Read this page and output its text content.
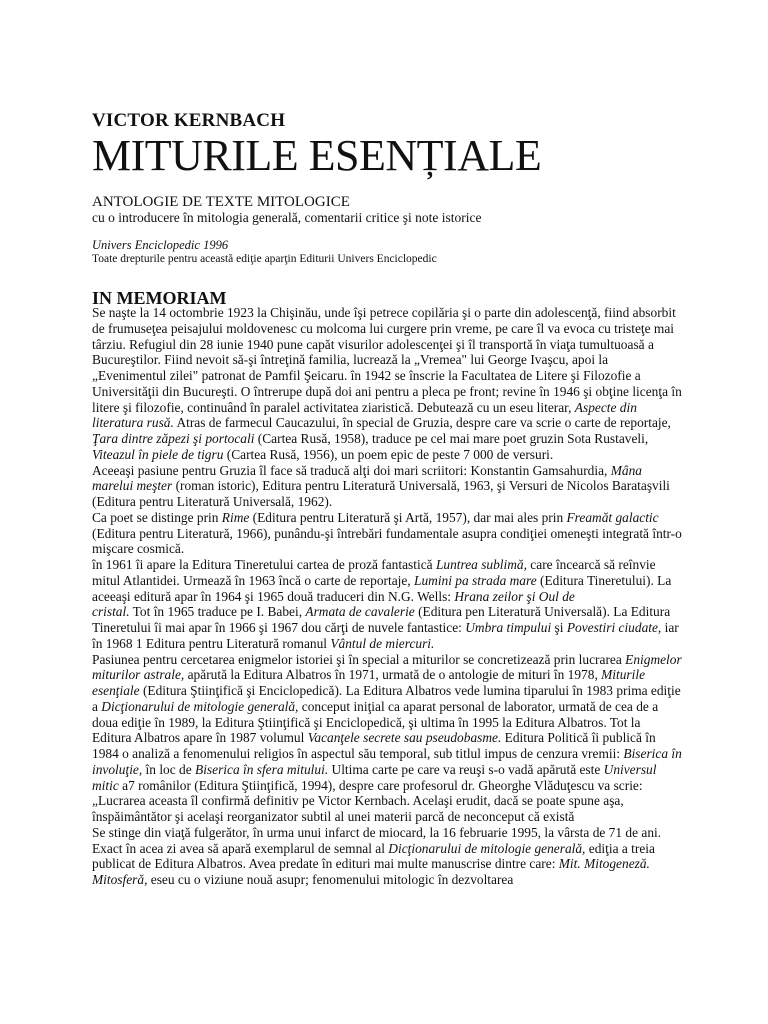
VICTOR KERNBACH
MITURILE ESENȚIALE
ANTOLOGIE DE TEXTE MITOLOGICE
cu o introducere în mitologia generală, comentarii critice şi note istorice
Univers Enciclopedic 1996
Toate drepturile pentru această ediţie aparţin Editurii Univers Enciclopedic
IN MEMORIAM

Se naşte la 14 octombrie 1923 la Chişinău, unde îşi petrece copilăria şi o parte din adolescenţă, fiind absorbit de frumuseţea peisajului moldovenesc cu molcoma lui curgere prin vreme, pe care îl va evoca cu tristeţe mai târziu. Refugiul din 28 iunie 1940 pune capăt visurilor adolescenţei şi îl transportă în viaţa tumultuoasă a Bucureştilor. Fiind nevoit să-şi întreţină familia, lucrează la „Vremea" lui George Ivaşcu, apoi la „Evenimentul zilei" patronat de Pamfil Şeicaru. în 1942 se înscrie la Facultatea de Litere şi Filozofie a Universităţii din Bucureşti. O întrerupe după doi ani pentru a pleca pe front; revine în 1946 şi obţine licenţa în litere şi filozofie, continuând în paralel activitatea ziaristică. Debutează cu un eseu literar, Aspecte din literatura rusă. Atras de farmecul Caucazului, în special de Gruzia, despre care va scrie o carte de reportaje, Ţara dintre zăpezi şi portocali (Cartea Rusă, 1958), traduce pe cel mai mare poet gruzin Sota Rustaveli, Viteazul în piele de tigru (Cartea Rusă, 1956), un poem epic de peste 7 000 de versuri.

Aceeaşi pasiune pentru Gruzia îl face să traducă alţi doi mari scriitori: Konstantin Gamsahurdia, Mâna marelui meşter (roman istoric), Editura pentru Literatură Universală, 1963, şi Versuri de Nicolos Barataşvili (Editura pentru Literatură Universală, 1962).

Ca poet se distinge prin Rime (Editura pentru Literatură şi Artă, 1957), dar mai ales prin Freamăt galactic (Editura pentru Literatură, 1966), punându-şi întrebări fundamentale asupra condiţiei omeneşti integrată într-o mişcare cosmică.

în 1961 îi apare la Editura Tineretului cartea de proză fantastică Luntrea sublimă, care încearcă să reînvie mitul Atlantidei. Urmează în 1963 încă o carte de reportaje, Lumini pa strada mare (Editura Tineretului). La aceeaşi editură apar în 1964 şi 1965 două traduceri din N.G. Wells: Hrana zeilor şi Oul de

cristal. Tot în 1965 traduce pe I. Babei, Armata de cavalerie (Editura pen Literatură Universală). La Editura Tineretului îi mai apar în 1966 şi 1967 dou cărţi de nuvele fantastice: Umbra timpului şi Povestiri ciudate, iar în 1968 1 Editura pentru Literatură romanul Vântul de miercuri.

Pasiunea pentru cercetarea enigmelor istoriei şi în special a miturilor se concretizează prin lucrarea Enigmelor miturilor astrale, apărută la Editura Albatros în 1971, urmată de o antologie de mituri în 1978, Miturile esenţiale (Editura Ştiinţifică şi Enciclopedică). La Editura Albatros vede lumina tiparului în 1983 prima ediţie a Dicţionarului de mitologie generală, conceput iniţial ca aparat personal de laborator, urmată de cea de a doua ediţie în 1989, la Editura Ştiinţifică şi Enciclopedică, şi ultima în 1995 la Editura Albatros. Tot la Editura Albatros apare în 1987 volumul Vacanţele secrete sau pseudobasme. Editura Politică îi publică în 1984 o analiză a fenomenului religios în aspectul său temporal, sub titlul impus de cenzura vremii: Biserica în involuţie, în loc de Biserica în sfera mitului. Ultima carte pe care va reuşi s-o vadă apărută este Universul mitic a7 românilor (Editura Ştiinţifică, 1994), despre care profesorul dr. Gheorghe Vlăduţescu va scrie: „Lucrarea aceasta îl confirmă definitiv pe Victor Kernbach. Acelaşi erudit, dacă se poate spune aşa, înspăimântător şi acelaşi reorganizator subtil al unei materii parcă de neconceput că există

Se stinge din viaţă fulgerător, în urma unui infarct de miocard, la 16 februarie 1995, la vârsta de 71 de ani. Exact în acea zi avea să apară exemplarul de semnal al Dicţionarului de mitologie generală, ediţia a treia publicat de Editura Albatros. Avea predate în edituri mai multe manuscrise dintre care: Mit. Mitogeneză. Mitosferă, eseu cu o viziune nouă asupr; fenomenului mitologic în dezvoltarea
